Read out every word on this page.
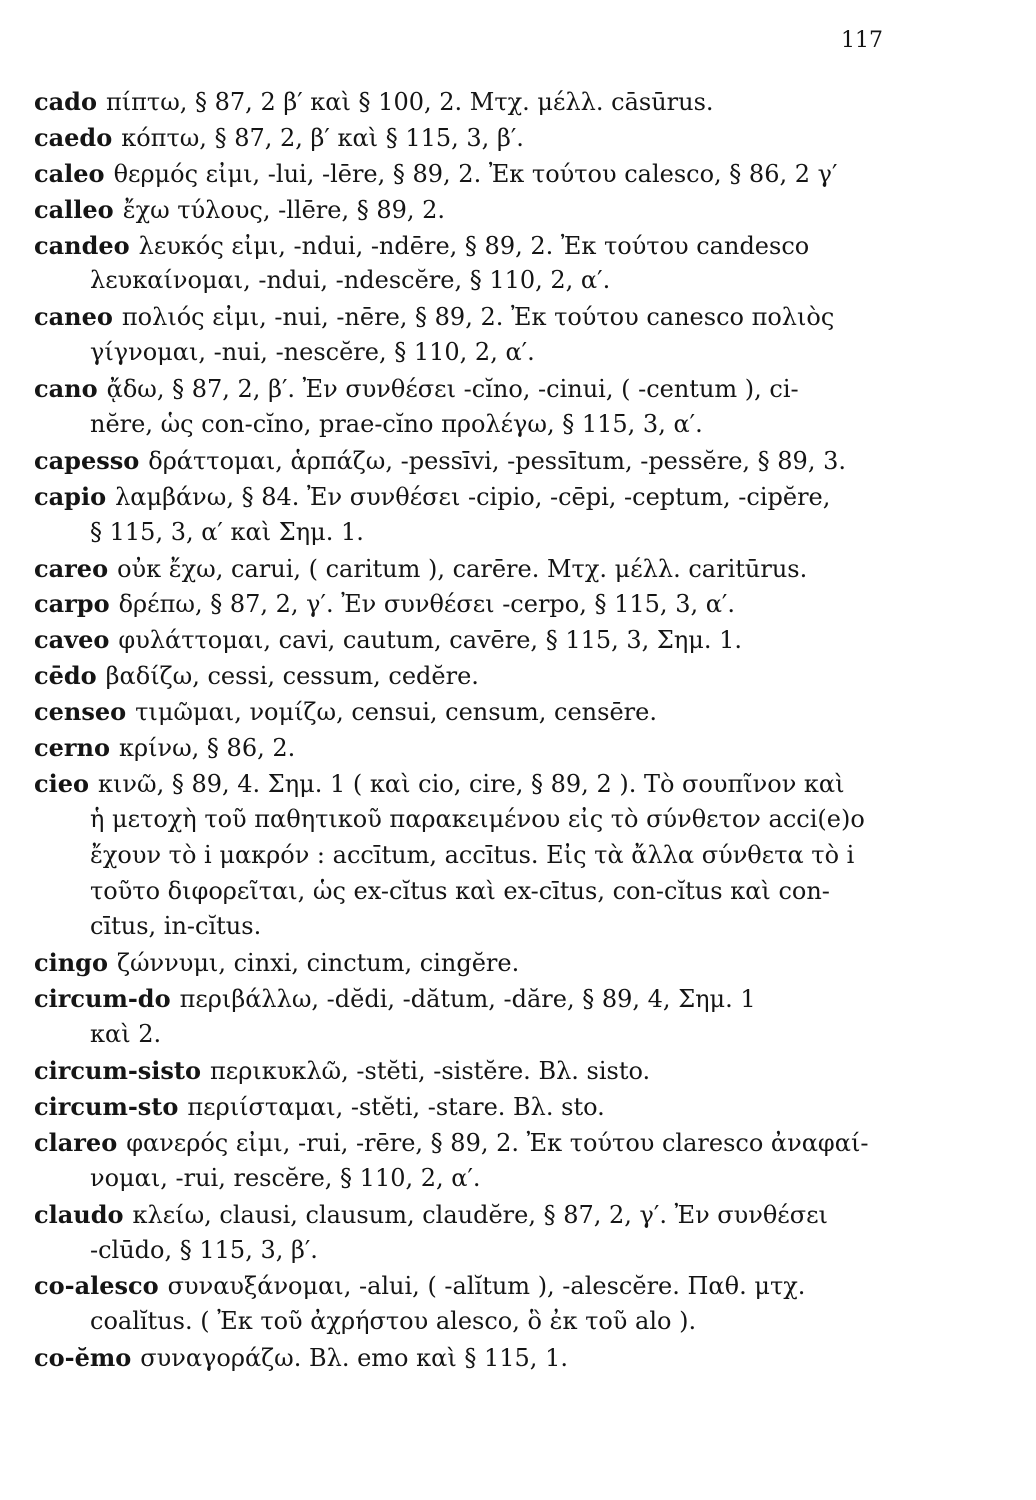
117
cado πίπτω, § 87, 2 β′ καὶ § 100, 2. Μτχ. μέλλ. cāsūrus.
caedo κόπτω, § 87, 2, β′ καὶ § 115, 3, β′.
caleo θερμός εἰμι, -lui, -lēre, § 89, 2. Ἐκ τούτου calesco, § 86, 2 γ′
calleo ἔχω τύλους, -llēre, § 89, 2.
candeo λευκός εἰμι, -ndui, -ndēre, § 89, 2. Ἐκ τούτου candesco
λευκαίνομαι, -ndui, -ndescĕre, § 110, 2, α′.
caneo πολιός εἰμι, -nui, -nēre, § 89, 2. Ἐκ τούτου canesco πολιὸς
γίγνομαι, -nui, -nescĕre, § 110, 2, α′.
cano ᾄδω, § 87, 2, β′. Ἐν συνθέσει -cĭno, -cinui, ( -centum ), ci-
nĕre, ὡς con-cĭno, prae-cĭno προλέγω, § 115, 3, α′.
capesso δράττομαι, ἁρπάζω, -pessīvi, -pessītum, -pessĕre, § 89, 3.
capio λαμβάνω, § 84. Ἐν συνθέσει -cipio, -cēpi, -ceptum, -cipĕre,
§ 115, 3, α′ καὶ Σημ. 1.
careo οὐκ ἔχω, carui, ( caritum ), carēre. Μτχ. μέλλ. caritūrus.
carpo δρέπω, § 87, 2, γ′. Ἐν συνθέσει -cerpo, § 115, 3, α′.
caveo φυλάττομαι, cavi, cautum, cavēre, § 115, 3, Σημ. 1.
cēdo βαδίζω, cessi, cessum, cedĕre.
censeo τιμῶμαι, νομίζω, censui, censum, censēre.
cerno κρίνω, § 86, 2.
cieo κινῶ, § 89, 4. Σημ. 1 ( καὶ cio, cire, § 89, 2 ). Τὸ σουπῖνον καὶ
ἡ μετοχὴ τοῦ παθητικοῦ παρακειμένου εἰς τὸ σύνθετον acci(e)o
ἔχουν τὸ i μακρόν : accītum, accītus. Εἰς τὰ ἄλλα σύνθετα τὸ i
τοῦτο διφορεῖται, ὡς ex-cĭtus καὶ ex-cītus, con-cĭtus καὶ con-
cītus, in-cĭtus.
cingo ζώννυμι, cinxi, cinctum, cingĕre.
circum-do περιβάλλω, -dĕdi, -dătum, -dăre, § 89, 4, Σημ. 1
καὶ 2.
circum-sisto περικυκλῶ, -stĕti, -sistĕre. Βλ. sisto.
circum-sto περιίσταμαι, -stĕti, -stare. Βλ. sto.
clareo φανερός εἰμι, -rui, -rēre, § 89, 2. Ἐκ τούτου claresco ἀναφαί-
νομαι, -rui, rescĕre, § 110, 2, α′.
claudo κλείω, clausi, clausum, claudĕre, § 87, 2, γ′. Ἐν συνθέσει
-clūdo, § 115, 3, β′.
co-alesco συναυξάνομαι, -alui, ( -alĭtum ), -alescĕre. Παθ. μτχ.
coalĭtus. ( Ἐκ τοῦ ἀχρήστου alesco, ὃ ἐκ τοῦ alo ).
co-ĕmo συναγοράζω. Βλ. emo καὶ § 115, 1.
